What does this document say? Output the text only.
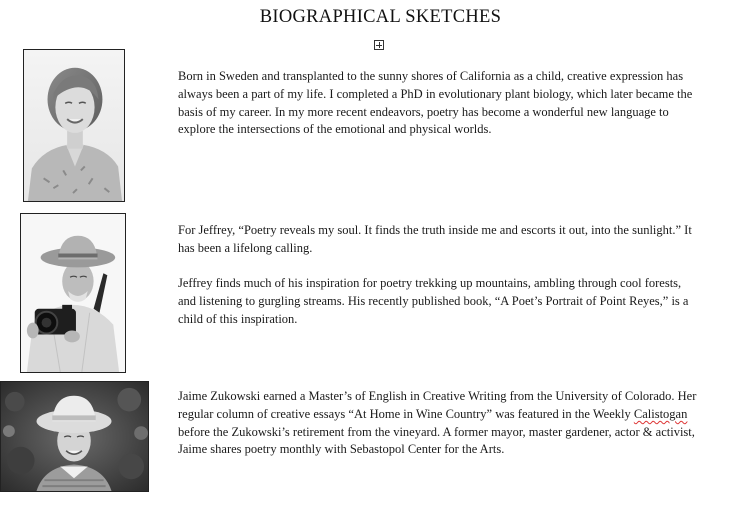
BIOGRAPHICAL SKETCHES

Born in Sweden and transplanted to the sunny shores of California as a child, creative expression has always been a part of my life. I completed a PhD in evolutionary plant biology, which later became the basis of my career. In my more recent endeavors, poetry has become a wonderful new language to explore the intersections of the emotional and physical worlds.

For Jeffrey, “Poetry reveals my soul. It finds the truth inside me and escorts it out, into the sunlight.” It has been a lifelong calling.

Jeffrey finds much of his inspiration for poetry trekking up mountains, ambling through cool forests, and listening to gurgling streams. His recently published book, “A Poet’s Portrait of Point Reyes,” is a child of this inspiration.

Jaime Zukowski earned a Master’s of English in Creative Writing from the University of Colorado. Her regular column of creative essays “At Home in Wine Country” was featured in the Weekly Calistogan before the Zukowski’s retirement from the vineyard. A former mayor, master gardener, actor & activist, Jaime shares poetry monthly with Sebastopol Center for the Arts.
